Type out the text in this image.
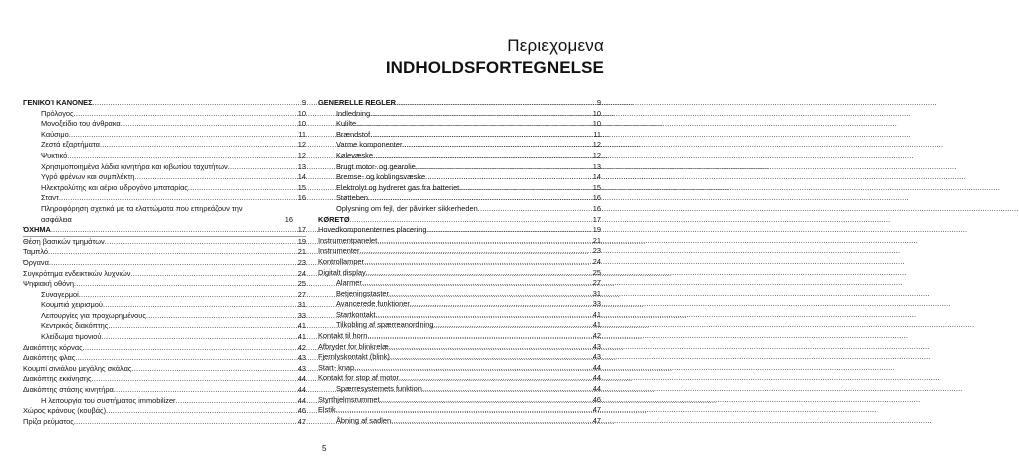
Περιεχομενα
INDHOLDSFORTEGNELSE
ΓΕΝΙΚΟΊ ΚΑΝΟΝΕΣ .....	9
Πρόλογος .....	10
Μονοξείδιο του άνθρακα .....	10
Καύσιμο .....	11
Ζεστά εξαρτήματα .....	12
Ψυκτικό .....	12
Χρησιμοποιημένα λάδια κινητήρα και κιβωτίου ταχυτήτων .....	13
Υγρό φρένων και συμπλέκτη .....	14
Ηλεκτρολύτης και αέριο υδρογόνο μπαταρίας .....	15
Σταντ .....	16
Πληροφόρηση σχετικά με τα ελαττώματα που επηρεάζουν την ασφάλεια	16
ΌΧΗΜΑ .....	17
Θέση βασικών τμημάτων .....	19
Ταμπλό .....	21
Όργανα .....	23
Συγκρότημα ενδεικτικών λυχνιών .....	24
Ψηφιακή οθόνη .....	25
Συναγερμοί .....	27
Κουμπιά χειρισμού .....	31
Λειτουργίες για προχωρημένους .....	33
Κεντρικός διακόπτης .....	41
Κλείδωμα τιμονιού .....	41
Διακόπτης κόρνας .....	42
Διακόπτης φλας .....	43
Κουμπί σινιάλου μεγάλης σκάλας .....	43
Διακόπτης εκκίνησης .....	44
Διακόπτης στάσης κινητήρα .....	44
Η λειτουργία του συστήματος immobilizer .....	44
Χώρος κράνους (κουβάς) .....	46
Πρίζα ρεύματος .....	47
GENERELLE REGLER .....	9
Indledning .....	10
Kulilte .....	10
Brændstof .....	11
Varme komponenter .....	12
Kølevæske .....	12
Brugt motor- og gearolie .....	13
Bremse- og koblingsvæske .....	14
Elektrolyt og hydreret gas fra batteriet .....	15
Støtteben .....	16
Oplysning om fejl, der påvirker sikkerheden .....	16
KØRETØ .....	17
Hovedkomponenternes placering .....	19
Instrumentpanelet .....	21
Instrumenter .....	23
Kontrollamper .....	24
Digitalt display .....	25
Alarmer .....	27
Betjeningstaster .....	31
Avancerede funktioner .....	33
Startkontakt .....	41
Tilkobling af spærreanordning .....	41
Kontakt til horn .....	42
Afbryder for blinkrelæ .....	43
Fjernlyskontakt (blink) .....	43
Start- knap .....	44
Kontakt for stop af motor .....	44
Spærresystemets funktion .....	44
Styrthjelmsrummet .....	46
Elstik .....	47
Åbning af sadlen .....	47
5
